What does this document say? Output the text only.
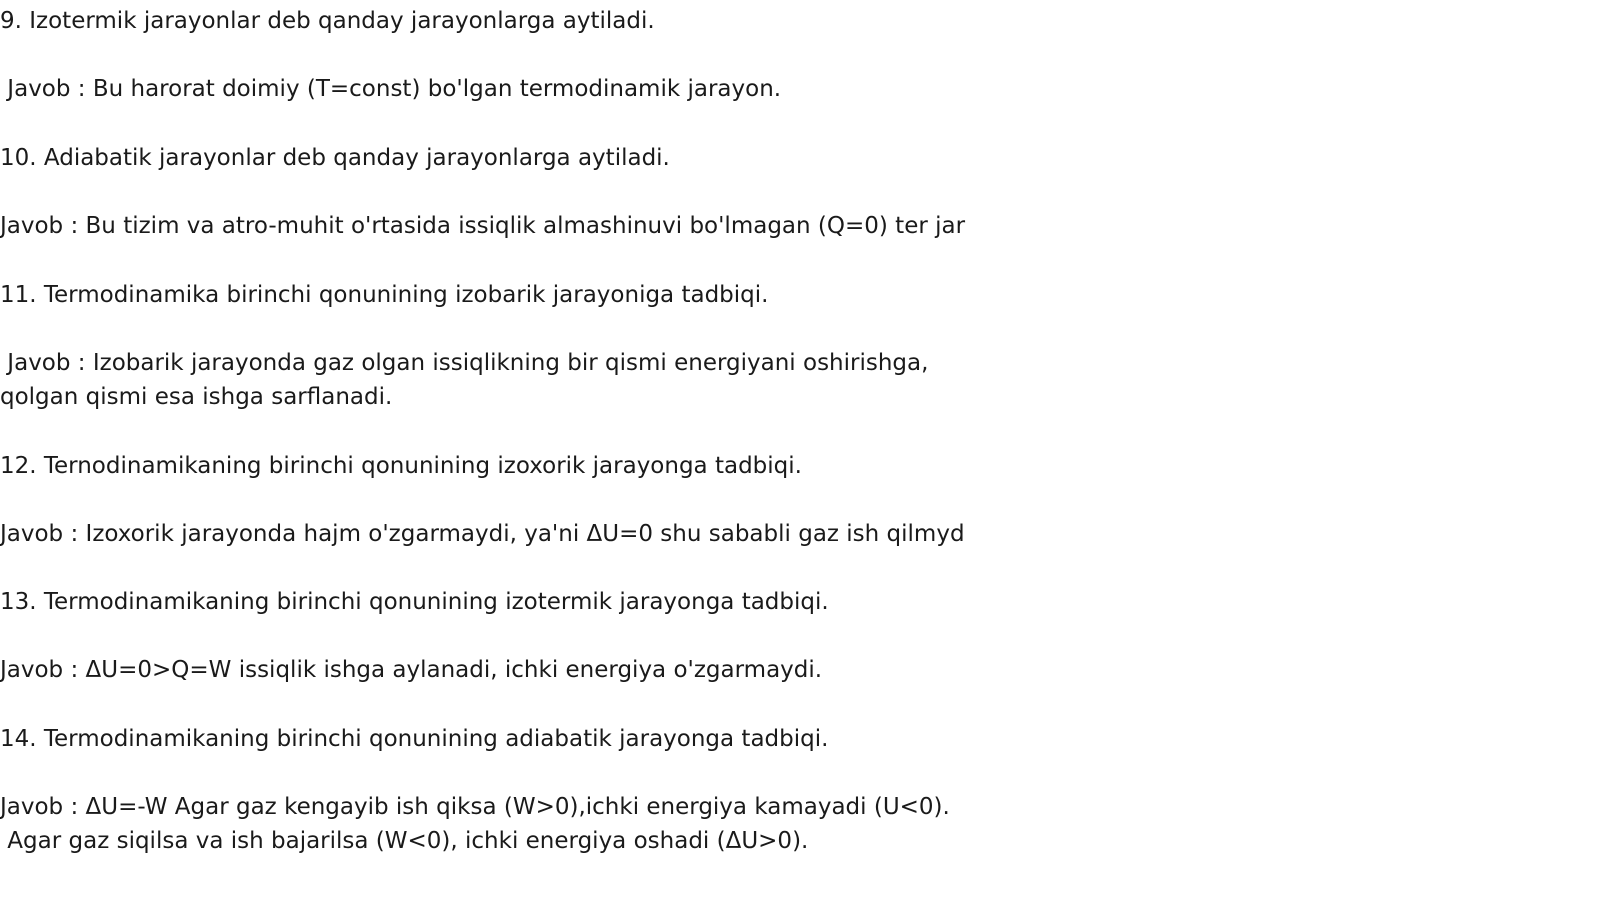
9. Izotermik jarayonlar deb qanday jarayonlarga aytiladi.
Javob : Bu harorat doimiy (T=const) bo'lgan termodinamik jarayon.
10. Adiabatik jarayonlar deb qanday jarayonlarga aytiladi.
Javob : Bu tizim va atro-muhit o'rtasida issiqlik almashinuvi bo'lmagan (Q=0) ter jar
11. Termodinamika birinchi qonunining izobarik jarayoniga tadbiqi.
Javob : Izobarik jarayonda gaz olgan issiqlikning bir qismi energiyani oshirishga,
qolgan qismi esa ishga sarflanadi.
12. Ternodinamikaning birinchi qonunining izoxorik jarayonga tadbiqi.
Javob : Izoxorik jarayonda hajm o'zgarmaydi, ya'ni ΔU=0 shu sababli gaz ish qilmyd
13. Termodinamikaning birinchi qonunining izotermik jarayonga tadbiqi.
Javob : ΔU=0>Q=W issiqlik ishga aylanadi, ichki energiya o'zgarmaydi.
14. Termodinamikaning birinchi qonunining adiabatik jarayonga tadbiqi.
Javob : ΔU=-W Agar gaz kengayib ish qiksa (W>0),ichki energiya kamayadi (U<0).
Agar gaz siqilsa va ish bajarilsa (W<0), ichki energiya oshadi (ΔU>0).
